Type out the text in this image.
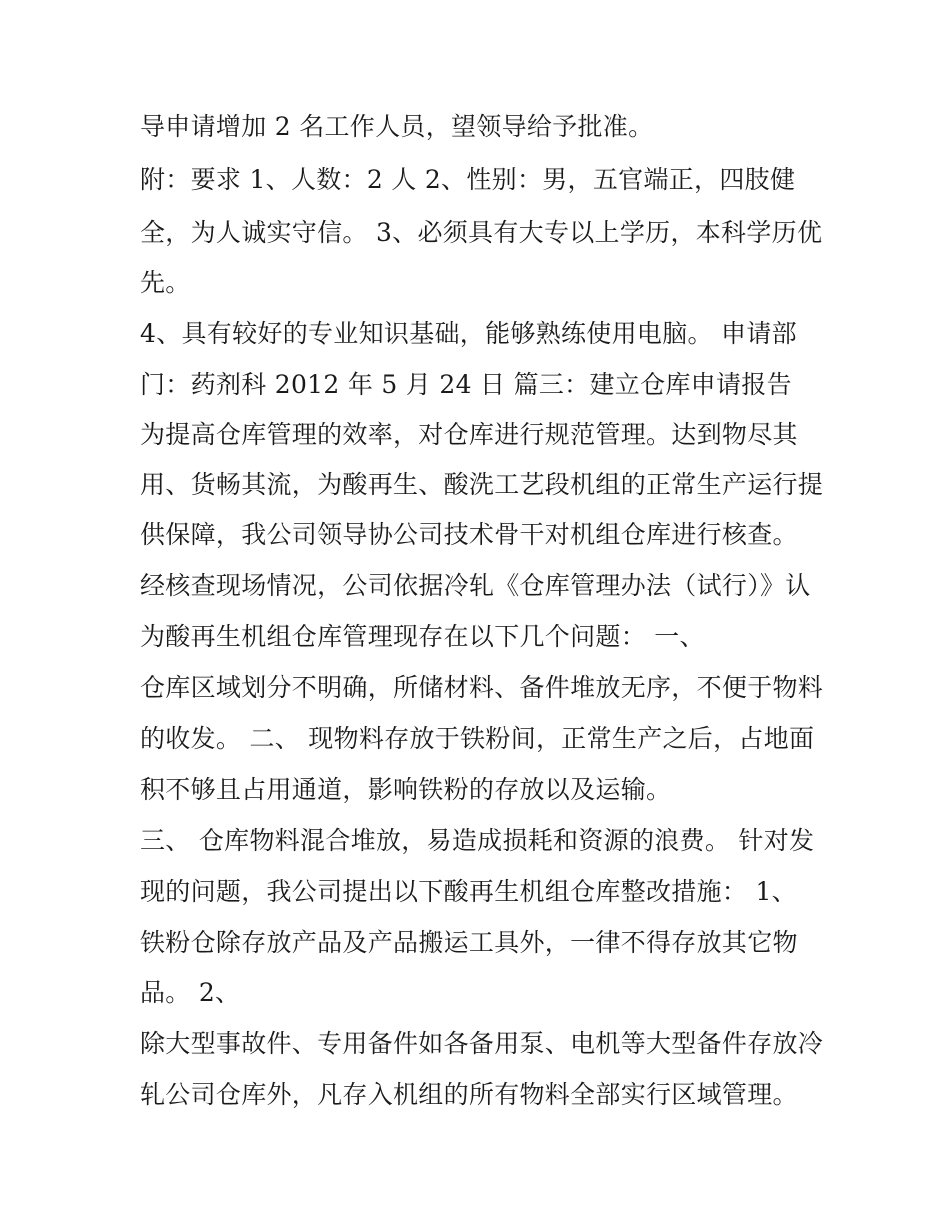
导申请增加 2 名工作人员，望领导给予批准。
附：要求 1、人数：2 人 2、性别：男，五官端正，四肢健
全，为人诚实守信。 3、必须具有大专以上学历，本科学历优
先。
4、具有较好的专业知识基础，能够熟练使用电脑。 申请部
门：药剂科 2012 年 5 月 24 日 篇三：建立仓库申请报告
为提高仓库管理的效率，对仓库进行规范管理。达到物尽其
用、货畅其流，为酸再生、酸洗工艺段机组的正常生产运行提
供保障，我公司领导协公司技术骨干对机组仓库进行核查。
经核查现场情况，公司依据冷轧《仓库管理办法（试行）》认
为酸再生机组仓库管理现存在以下几个问题： 一、
仓库区域划分不明确，所储材料、备件堆放无序，不便于物料
的收发。 二、 现物料存放于铁粉间，正常生产之后，占地面
积不够且占用通道，影响铁粉的存放以及运输。
三、 仓库物料混合堆放，易造成损耗和资源的浪费。 针对发
现的问题，我公司提出以下酸再生机组仓库整改措施： 1、
铁粉仓除存放产品及产品搬运工具外，一律不得存放其它物
品。 2、
除大型事故件、专用备件如各备用泵、电机等大型备件存放冷
轧公司仓库外，凡存入机组的所有物料全部实行区域管理。
